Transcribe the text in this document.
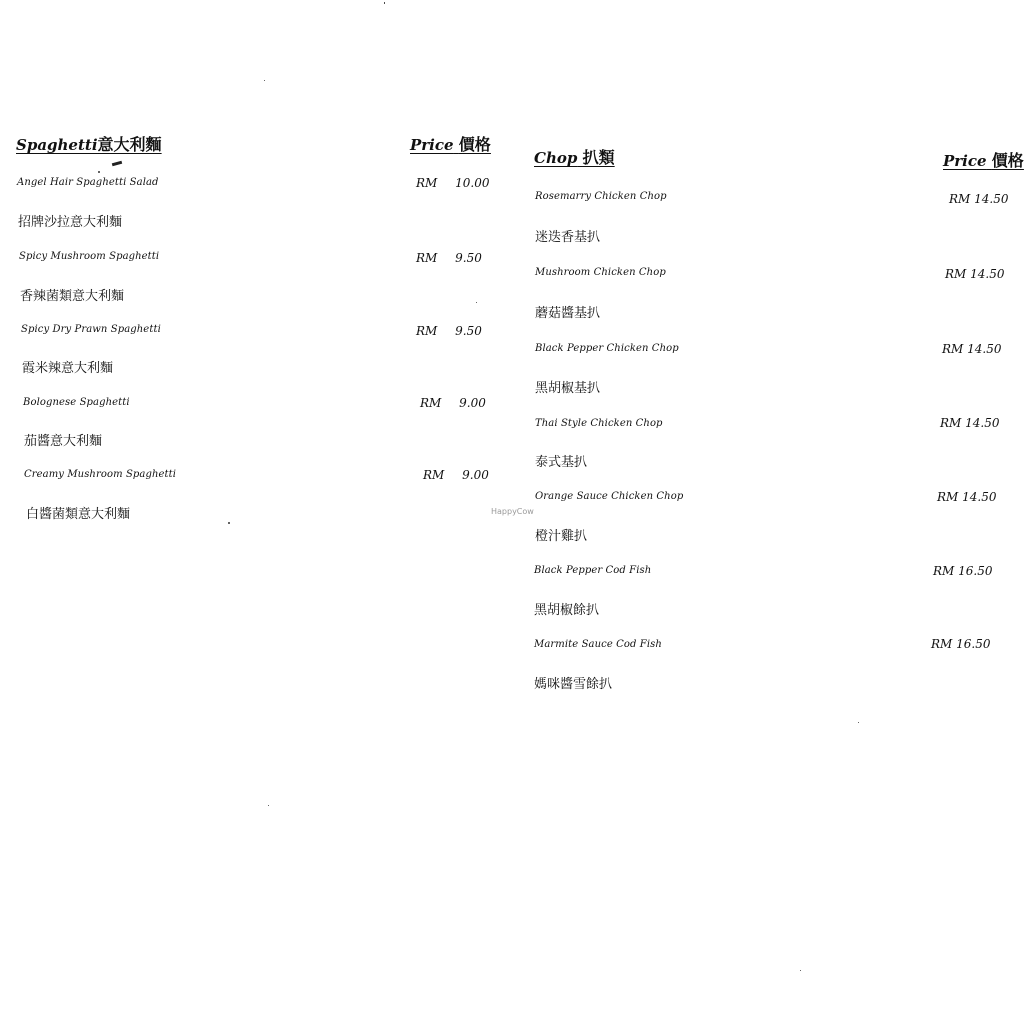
Spaghetti意大利麵	Price 價格
Angel Hair Spaghetti Salad	RM 10.00
招牌沙拉意大利麵
Spicy Mushroom Spaghetti	RM 9.50
香辣菌類意大利麵
Spicy Dry Prawn Spaghetti	RM 9.50
霞米辣意大利麵
Bolognese Spaghetti	RM 9.00
茄醬意大利麵
Creamy Mushroom Spaghetti	RM 9.00
白醬菌類意大利麵
Chop 扒類	Price 價格
Rosemarry Chicken Chop	RM 14.50
迷迭香基扒
Mushroom Chicken Chop	RM 14.50
蘑菇醬基扒
Black Pepper Chicken Chop	RM 14.50
黑胡椒基扒
Thai Style Chicken Chop	RM 14.50
泰式基扒
Orange Sauce Chicken Chop	RM 14.50
橙汁雞扒
Black Pepper Cod Fish	RM 16.50
黑胡椒餘扒
Marmite Sauce Cod Fish	RM 16.50
媽咪醬雪餘扒
HappyCow
